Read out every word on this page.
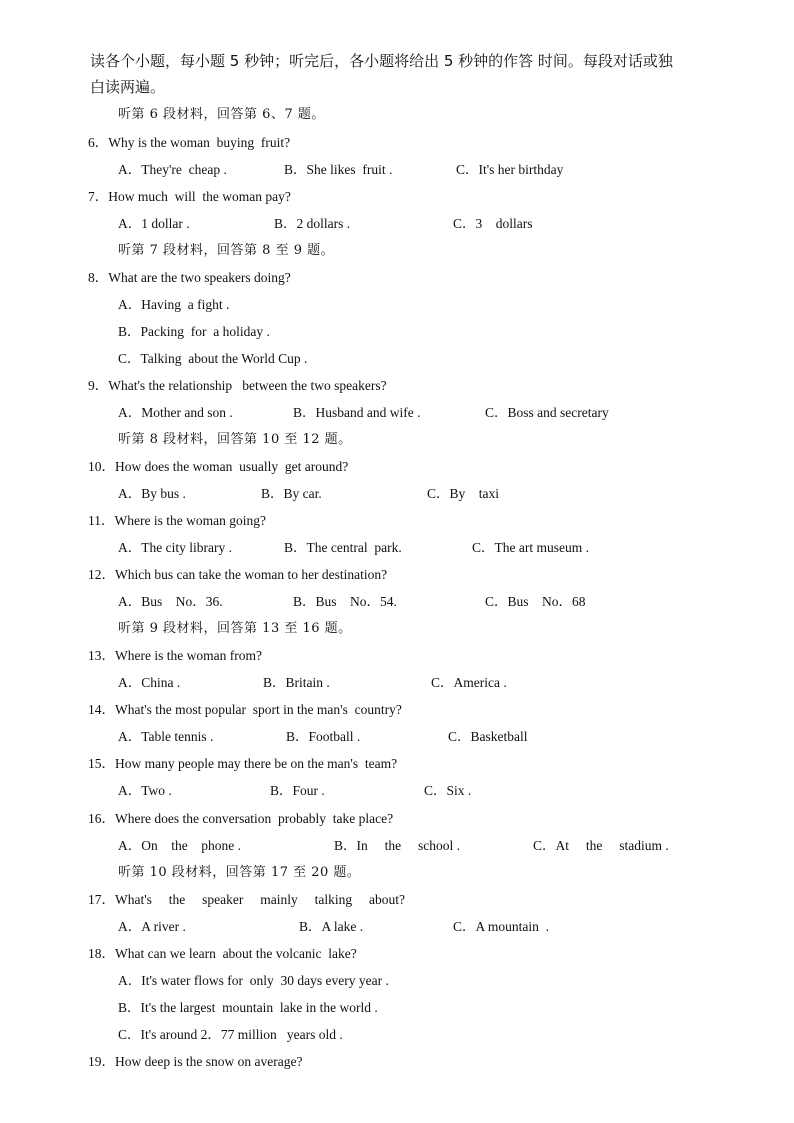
读各个小题，每小题 5 秒钟；听完后，各小题将给出 5 秒钟的作答 时间。每段对话或独
白读两遍。
听第 6 段材料，回答第 6、7 题。
6．Why is the woman  buying  fruit?
A．They're  cheap .	B．She likes  fruit .	C．It's her birthday
7．How much  will  the woman pay?
A．1 dollar .	B．2 dollars .	C．3    dollars
听第 7 段材料，回答第 8 至 9 题。
8．What are the two speakers doing?
A．Having  a fight .
B．Packing  for  a holiday .
C．Talking  about the World Cup .
9．What's the relationship   between the two speakers?
A．Mother and son .	B．Husband and wife .	C．Boss and secretary
听第 8 段材料，回答第 10 至 12 题。
10．How does the woman  usually  get around?
A．By bus .	B．By car.	C．By    taxi
11．Where is the woman going?
A．The city library .	B．The central  park.	C．The art museum .
12．Which bus can take the woman to her destination?
A．Bus    No．36.	B．Bus    No．54.	C．Bus    No．68
听第 9 段材料，回答第 13 至 16 题。
13．Where is the woman from?
A．China .	B．Britain .	C．America .
14．What's the most popular  sport in the man's  country?
A．Table tennis .	B．Football .	C．Basketball
15．How many people may there be on the man's  team?
A．Two .	B．Four .	C．Six .
16．Where does the conversation  probably  take place?
A．On    the    phone .	B．In     the     school .	C．At     the     stadium .
听第 10 段材料，回答第 17 至 20 题。
17．What's     the     speaker     mainly     talking     about?
A．A river .	B．A lake .	C．A mountain  .
18．What can we learn  about the volcanic  lake?
A．It's water flows for  only  30 days every year .
B．It's the largest  mountain  lake in the world .
C．It's around 2．77 million   years old .
19．How deep is the snow on average?
